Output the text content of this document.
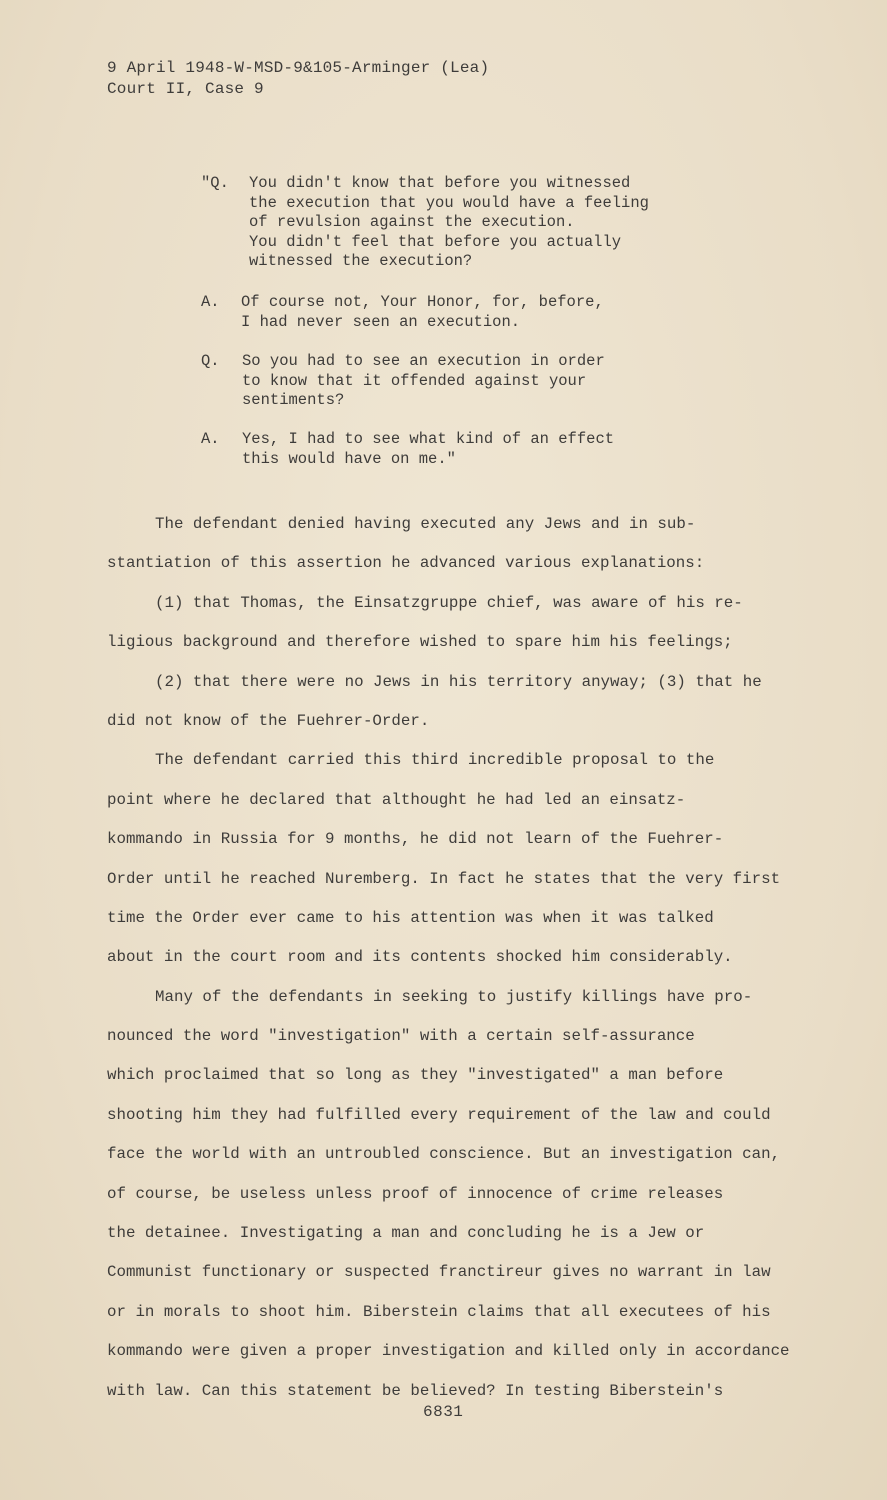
9 April 1948-W-MSD-9&105-Arminger (Lea)
Court II, Case 9
"Q. You didn't know that before you witnessed
the execution that you would have a feeling
of revulsion against the execution.
You didn't feel that before you actually
witnessed the execution?
A. Of course not, Your Honor, for, before,
I had never seen an execution.
Q. So you had to see an execution in order
to know that it offended against your
sentiments?
A. Yes, I had to see what kind of an effect
this would have on me."
The defendant denied having executed any Jews and in sub-
stantiation of this assertion he advanced various explanations:
(1) that Thomas, the Einsatzgruppe chief, was aware of his re-
ligious background and therefore wished to spare him his feelings;
(2) that there were no Jews in his territory anyway; (3) that he
did not know of the Fuehrer-Order.
The defendant carried this third incredible proposal to the
point where he declared that althought he had led an einsatz-
kommando in Russia for 9 months, he did not learn of the Fuehrer-
Order until he reached Nuremberg. In fact he states that the very first
time the Order ever came to his attention was when it was talked
about in the court room and its contents shocked him considerably.
Many of the defendants in seeking to justify killings have pro-
nounced the word "investigation" with a certain self-assurance
which proclaimed that so long as they "investigated" a man before
shooting him they had fulfilled every requirement of the law and could
face the world with an untroubled conscience. But an investigation can,
of course, be useless unless proof of innocence of crime releases
the detainee. Investigating a man and concluding he is a Jew or
Communist functionary or suspected franctireur gives no warrant in law
or in morals to shoot him. Biberstein claims that all executees of his
kommando were given a proper investigation and killed only in accordance
with law. Can this statement be believed? In testing Biberstein's
6831
